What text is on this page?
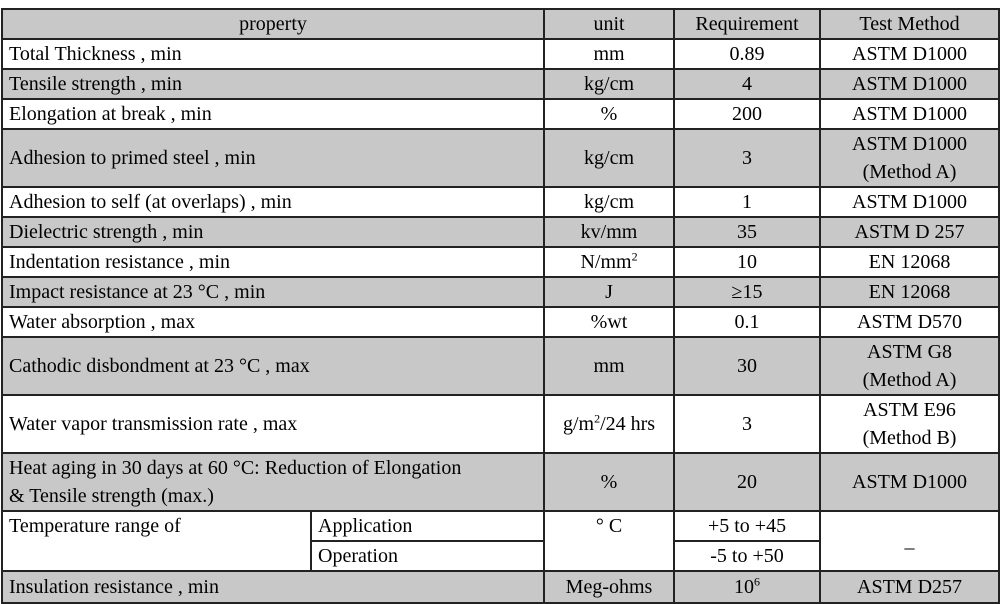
property		unit	Requirement	Test Method
Total Thickness , min		mm	0.89	ASTM D1000
Tensile strength , min		kg/cm	4	ASTM D1000
Elongation at break , min		%	200	ASTM D1000
Adhesion to primed steel , min		kg/cm	3	ASTM D1000
(Method A)

Adhesion to self (at overlaps) , min		kg/cm	1	ASTM D1000
Dielectric strength , min		kv/mm	35	ASTM D 257
Indentation resistance , min		$N/mm^2$	10	EN 12068
Impact resistance at 23 °C , min		J	≥15	EN 12068
Water absorption , max		%wt	0.1	ASTM D570
Cathodic disbondment at 23 °C , max		mm	30	ASTM G8
(Method A)

Water vapor transmission rate , max		$g/m^2/24$ hrs	3	ASTM E96
(Method B)

Heat aging in 30 days at 60 °C: Reduction of Elongation
& Tensile strength (max.)		%	20	ASTM D1000
Temperature range of	Application	° C	+5 to +45	_
	Operation		-5 to +50	
Insulation resistance , min		Meg-ohms	$10^6$	ASTM D257
